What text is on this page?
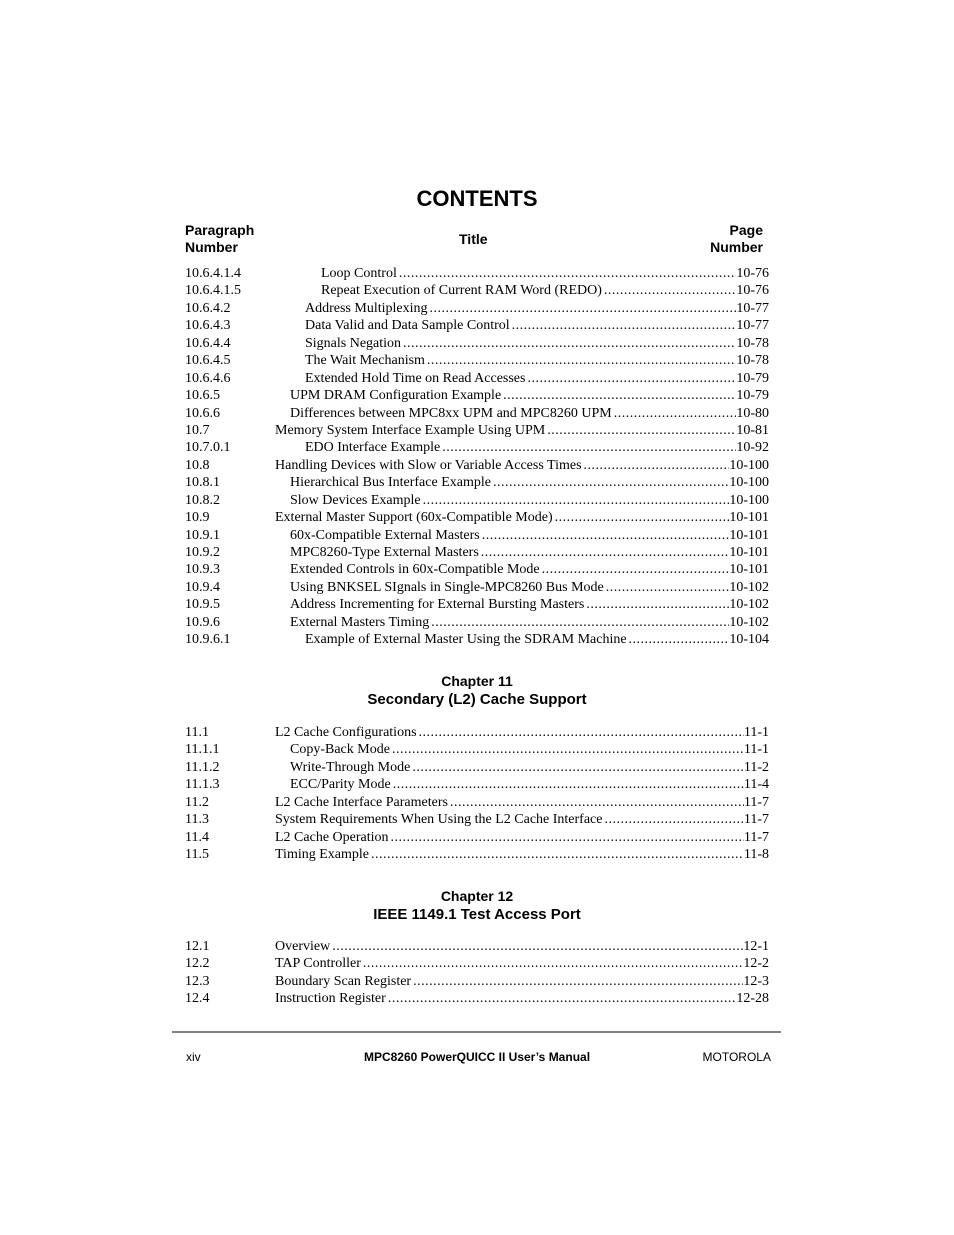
CONTENTS
Paragraph
Number	Title
Page
Number
10.6.4.1.4	Loop Control .....	10-76
10.6.4.1.5	Repeat Execution of Current RAM Word (REDO) .....	10-76
10.6.4.2	Address Multiplexing .....	10-77
10.6.4.3	Data Valid and Data Sample Control .....	10-77
10.6.4.4	Signals Negation .....	10-78
10.6.4.5	The Wait Mechanism .....	10-78
10.6.4.6	Extended Hold Time on Read Accesses .....	10-79
10.6.5	UPM DRAM Configuration Example .....	10-79
10.6.6	Differences between MPC8xx UPM and MPC8260 UPM .....	10-80
10.7	Memory System Interface Example Using UPM .....	10-81
10.7.0.1	EDO Interface Example .....	10-92
10.8	Handling Devices with Slow or Variable Access Times .....	10-100
10.8.1	Hierarchical Bus Interface Example .....	10-100
10.8.2	Slow Devices Example .....	10-100
10.9	External Master Support (60x-Compatible Mode) .....	10-101
10.9.1	60x-Compatible External Masters .....	10-101
10.9.2	MPC8260-Type External Masters .....	10-101
10.9.3	Extended Controls in 60x-Compatible Mode .....	10-101
10.9.4	Using BNKSEL SIgnals in Single-MPC8260 Bus Mode .....	10-102
10.9.5	Address Incrementing for External Bursting Masters .....	10-102
10.9.6	External Masters Timing .....	10-102
10.9.6.1	Example of External Master Using the SDRAM Machine .....	10-104
Chapter 11
Secondary (L2) Cache Support
11.1	L2 Cache Configurations .....	11-1
11.1.1	Copy-Back Mode .....	11-1
11.1.2	Write-Through Mode .....	11-2
11.1.3	ECC/Parity Mode .....	11-4
11.2	L2 Cache Interface Parameters .....	11-7
11.3	System Requirements When Using the L2 Cache Interface .....	11-7
11.4	L2 Cache Operation .....	11-7
11.5	Timing Example .....	11-8
Chapter 12
IEEE 1149.1 Test Access Port
12.1	Overview .....	12-1
12.2	TAP Controller .....	12-2
12.3	Boundary Scan Register .....	12-3
12.4	Instruction Register .....	12-28
xiv	MPC8260 PowerQUICC II User’s Manual	MOTOROLA
